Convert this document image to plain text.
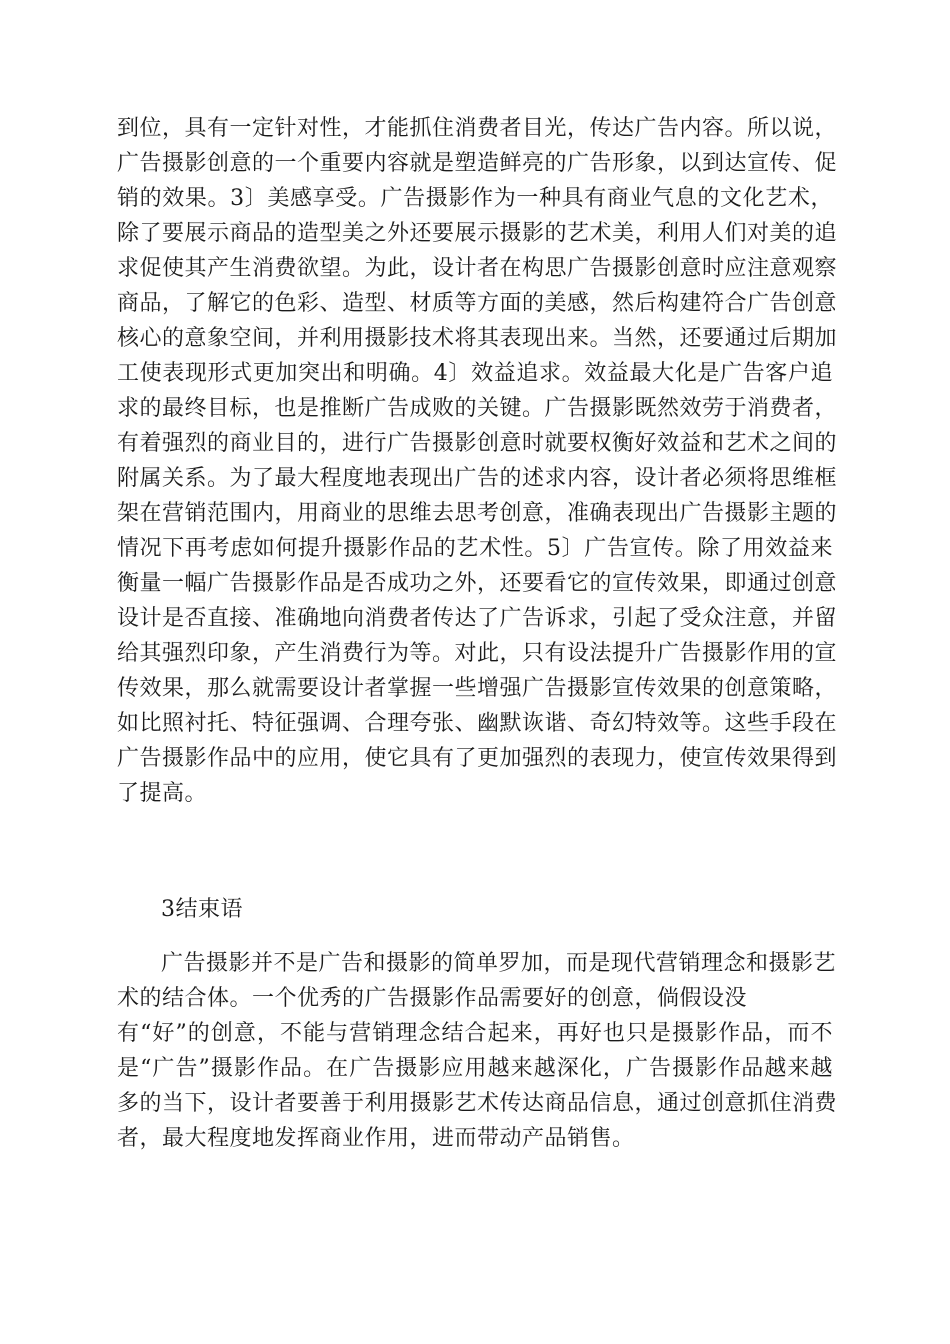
到位，具有一定针对性，才能抓住消费者目光，传达广告内容。所以说，
广告摄影创意的一个重要内容就是塑造鲜亮的广告形象，以到达宣传、促
销的效果。3〕美感享受。广告摄影作为一种具有商业气息的文化艺术，
除了要展示商品的造型美之外还要展示摄影的艺术美，利用人们对美的追
求促使其产生消费欲望。为此，设计者在构思广告摄影创意时应注意观察
商品，了解它的色彩、造型、材质等方面的美感，然后构建符合广告创意
核心的意象空间，并利用摄影技术将其表现出来。当然，还要通过后期加
工使表现形式更加突出和明确。4〕效益追求。效益最大化是广告客户追
求的最终目标，也是推断广告成败的关键。广告摄影既然效劳于消费者，
有着强烈的商业目的，进行广告摄影创意时就要权衡好效益和艺术之间的
附属关系。为了最大程度地表现出广告的述求内容，设计者必须将思维框
架在营销范围内，用商业的思维去思考创意，准确表现出广告摄影主题的
情况下再考虑如何提升摄影作品的艺术性。5〕广告宣传。除了用效益来
衡量一幅广告摄影作品是否成功之外，还要看它的宣传效果，即通过创意
设计是否直接、准确地向消费者传达了广告诉求，引起了受众注意，并留
给其强烈印象，产生消费行为等。对此，只有设法提升广告摄影作用的宣
传效果，那么就需要设计者掌握一些增强广告摄影宣传效果的创意策略，
如比照衬托、特征强调、合理夸张、幽默诙谐、奇幻特效等。这些手段在
广告摄影作品中的应用，使它具有了更加强烈的表现力，使宣传效果得到
了提高。
3结束语
广告摄影并不是广告和摄影的简单罗加，而是现代营销理念和摄影艺
术的结合体。一个优秀的广告摄影作品需要好的创意，倘假设没
有“好”的创意，不能与营销理念结合起来，再好也只是摄影作品，而不
是“广告”摄影作品。在广告摄影应用越来越深化，广告摄影作品越来越
多的当下，设计者要善于利用摄影艺术传达商品信息，通过创意抓住消费
者，最大程度地发挥商业作用，进而带动产品销售。
